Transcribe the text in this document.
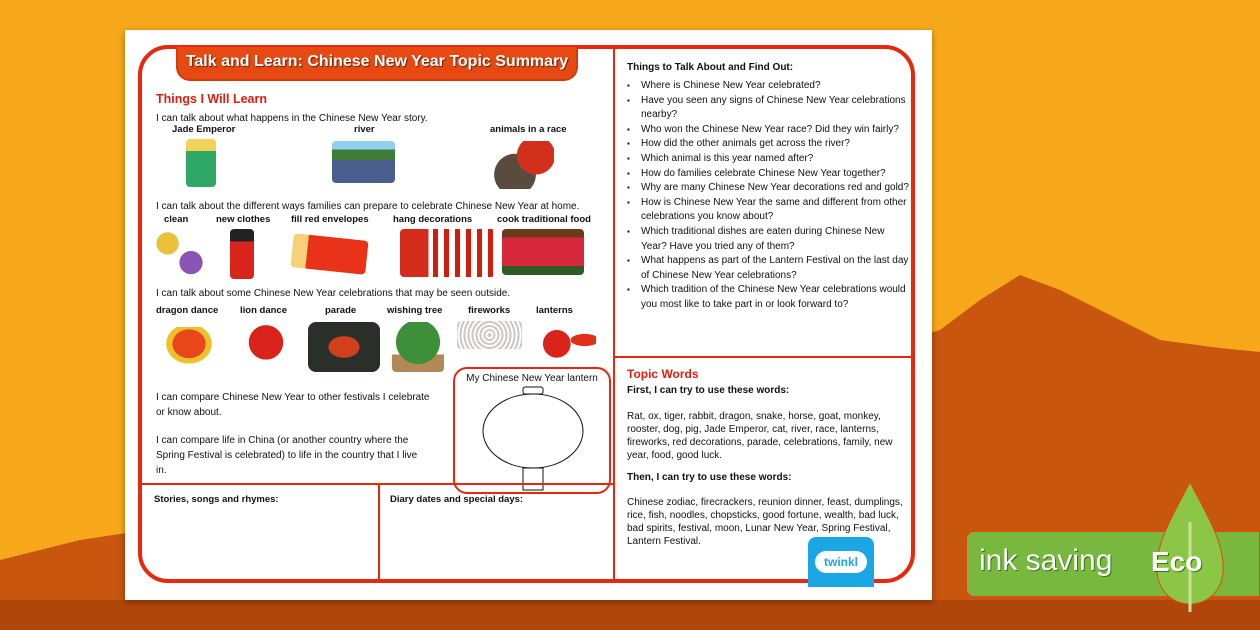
Talk and Learn: Chinese New Year Topic Summary
Things I Will Learn
I can talk about what happens in the Chinese New Year story.
Jade Emperor	river	animals in a race
I can talk about the different ways families can prepare to celebrate Chinese New Year at home.
clean	new clothes fill red envelopes	hang decorations	cook traditional food
I can talk about some Chinese New Year celebrations that may be seen outside.
dragon dance lion dance	parade	wishing tree	fireworks	lanterns
I can compare Chinese New Year to other festivals I celebrate or know about.
I can compare life in China (or another country where the Spring Festival is celebrated) to life in the country that I live in.
My Chinese New Year lantern
Stories, songs and rhymes:	Diary dates and special days:
Things to Talk About and Find Out:
▪ Where is Chinese New Year celebrated?
▪ Have you seen any signs of Chinese New Year celebrations nearby?
▪ Who won the Chinese New Year race? Did they win fairly?
▪ How did the other animals get across the river?
▪ Which animal is this year named after?
▪ How do families celebrate Chinese New Year together?
▪ Why are many Chinese New Year decorations red and gold?
▪ How is Chinese New Year the same and different from other celebrations you know about?
▪ Which traditional dishes are eaten during Chinese New Year? Have you tried any of them?
▪ What happens as part of the Lantern Festival on the last day of Chinese New Year celebrations?
▪ Which tradition of the Chinese New Year celebrations would you most like to take part in or look forward to?
Topic Words
First, I can try to use these words:
Rat, ox, tiger, rabbit, dragon, snake, horse, goat, monkey, rooster, dog, pig, Jade Emperor, cat, river, race, lanterns, fireworks, red decorations, parade, celebrations, family, new year, food, good luck.
Then, I can try to use these words:
Chinese zodiac, firecrackers, reunion dinner, feast, dumplings, rice, fish, noodles, chopsticks, good fortune, wealth, bad luck, bad spirits, festival, moon, Lunar New Year, Spring Festival, Lantern Festival.
twinkl	ink saving Eco
